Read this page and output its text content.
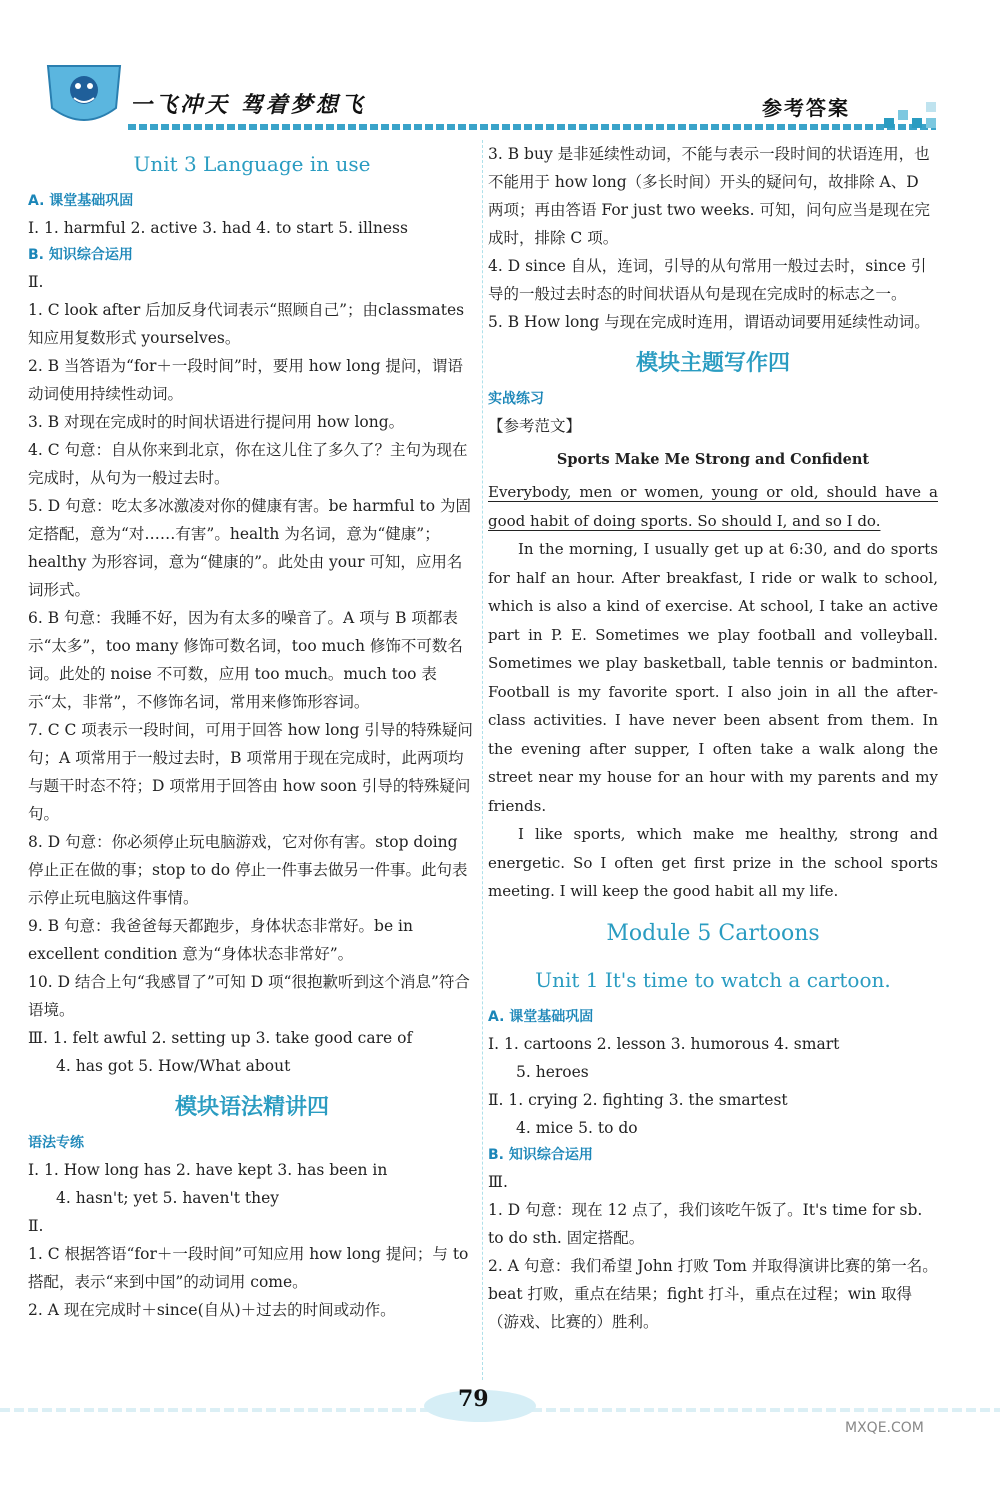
一飞冲天 驾着梦想飞	参考答案
Unit 3 Language in use
A. 课堂基础巩固

Ⅰ. 1. harmful 2. active 3. had 4. to start 5. illness

B. 知识综合运用

Ⅱ.

1. C look after 后加反身代词表示“照顾自己”；由classmates 知应用复数形式 yourselves。

2. B 当答语为“for＋一段时间”时，要用 how long 提问，谓语动词使用持续性动词。

3. B 对现在完成时的时间状语进行提问用 how long。

4. C 句意：自从你来到北京，你在这儿住了多久了？主句为现在完成时，从句为一般过去时。

5. D 句意：吃太多冰激凌对你的健康有害。be harmful to 为固定搭配，意为“对……有害”。health 为名词，意为“健康”；healthy 为形容词，意为“健康的”。此处由 your 可知，应用名词形式。

6. B 句意：我睡不好，因为有太多的噪音了。A 项与 B 项都表示“太多”，too many 修饰可数名词，too much 修饰不可数名词。此处的 noise 不可数，应用 too much。much too 表示“太，非常”，不修饰名词，常用来修饰形容词。

7. C C 项表示一段时间，可用于回答 how long 引导的特殊疑问句；A 项常用于一般过去时，B 项常用于现在完成时，此两项均与题干时态不符；D 项常用于回答由 how soon 引导的特殊疑问句。

8. D 句意：你必须停止玩电脑游戏，它对你有害。stop doing 停止正在做的事；stop to do 停止一件事去做另一件事。此句表示停止玩电脑这件事情。

9. B 句意：我爸爸每天都跑步，身体状态非常好。be in excellent condition 意为“身体状态非常好”。

10. D 结合上句“我感冒了”可知 D 项“很抱歉听到这个消息”符合语境。

Ⅲ. 1. felt awful 2. setting up 3. take good care of

4. has got 5. How/What about

模块语法精讲四
语法专练

Ⅰ. 1. How long has 2. have kept 3. has been in

4. hasn't; yet 5. haven't they

Ⅱ.

1. C 根据答语“for＋一段时间”可知应用 how long 提问；与 to 搭配，表示“来到中国”的动词用 come。

2. A 现在完成时＋since(自从)＋过去的时间或动作。

3. B buy 是非延续性动词，不能与表示一段时间的状语连用，也不能用于 how long（多长时间）开头的疑问句，故排除 A、D 两项；再由答语 For just two weeks. 可知，问句应当是现在完成时，排除 C 项。

4. D since 自从，连词，引导的从句常用一般过去时，since 引导的一般过去时态的时间状语从句是现在完成时的标志之一。

5. B How long 与现在完成时连用，谓语动词要用延续性动词。

模块主题写作四
实战练习

【参考范文】

Sports Make Me Strong and Confident

Everybody, men or women, young or old, should have a good habit of doing sports. So should I, and so I do.

In the morning, I usually get up at 6:30, and do sports for half an hour. After breakfast, I ride or walk to school, which is also a kind of exercise. At school, I take an active part in P. E. Sometimes we play football and volleyball. Sometimes we play basketball, table tennis or badminton. Football is my favorite sport. I also join in all the after-class activities. I have never been absent from them. In the evening after supper, I often take a walk along the street near my house for an hour with my parents and my friends.

I like sports, which make me healthy, strong and energetic. So I often get first prize in the school sports meeting. I will keep the good habit all my life.

Module 5 Cartoons
Unit 1 It's time to watch a cartoon.
A. 课堂基础巩固

Ⅰ. 1. cartoons 2. lesson 3. humorous 4. smart

5. heroes

Ⅱ. 1. crying 2. fighting 3. the smartest

4. mice 5. to do

B. 知识综合运用

Ⅲ.

1. D 句意：现在 12 点了，我们该吃午饭了。It's time for sb. to do sth. 固定搭配。

2. A 句意：我们希望 John 打败 Tom 并取得演讲比赛的第一名。beat 打败，重点在结果；fight 打斗，重点在过程；win 取得（游戏、比赛的）胜利。

79
MXQE.COM
